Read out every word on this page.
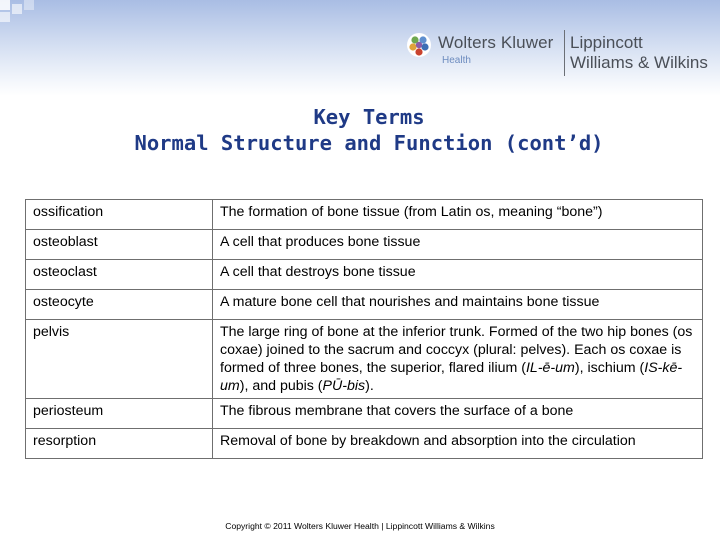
Wolters Kluwer
Health
Lippincott
Williams & Wilkins
Key Terms
Normal Structure and Function (cont’d)
ossification	The formation of bone tissue (from Latin os, meaning “bone”)
osteoblast	A cell that produces bone tissue
osteoclast	A cell that destroys bone tissue
osteocyte	A mature bone cell that nourishes and maintains bone tissue
pelvis	The large ring of bone at the inferior trunk. Formed of the two hip bones (os coxae) joined to the sacrum and coccyx (plural: pelves). Each os coxae is formed of three bones, the superior, flared ilium (IL-ē-um), ischium (IS-kē-um), and pubis (PŪ-bis).
periosteum	The fibrous membrane that covers the surface of a bone
resorption	Removal of bone by breakdown and absorption into the circulation
Copyright © 2011 Wolters Kluwer Health | Lippincott Williams & Wilkins
